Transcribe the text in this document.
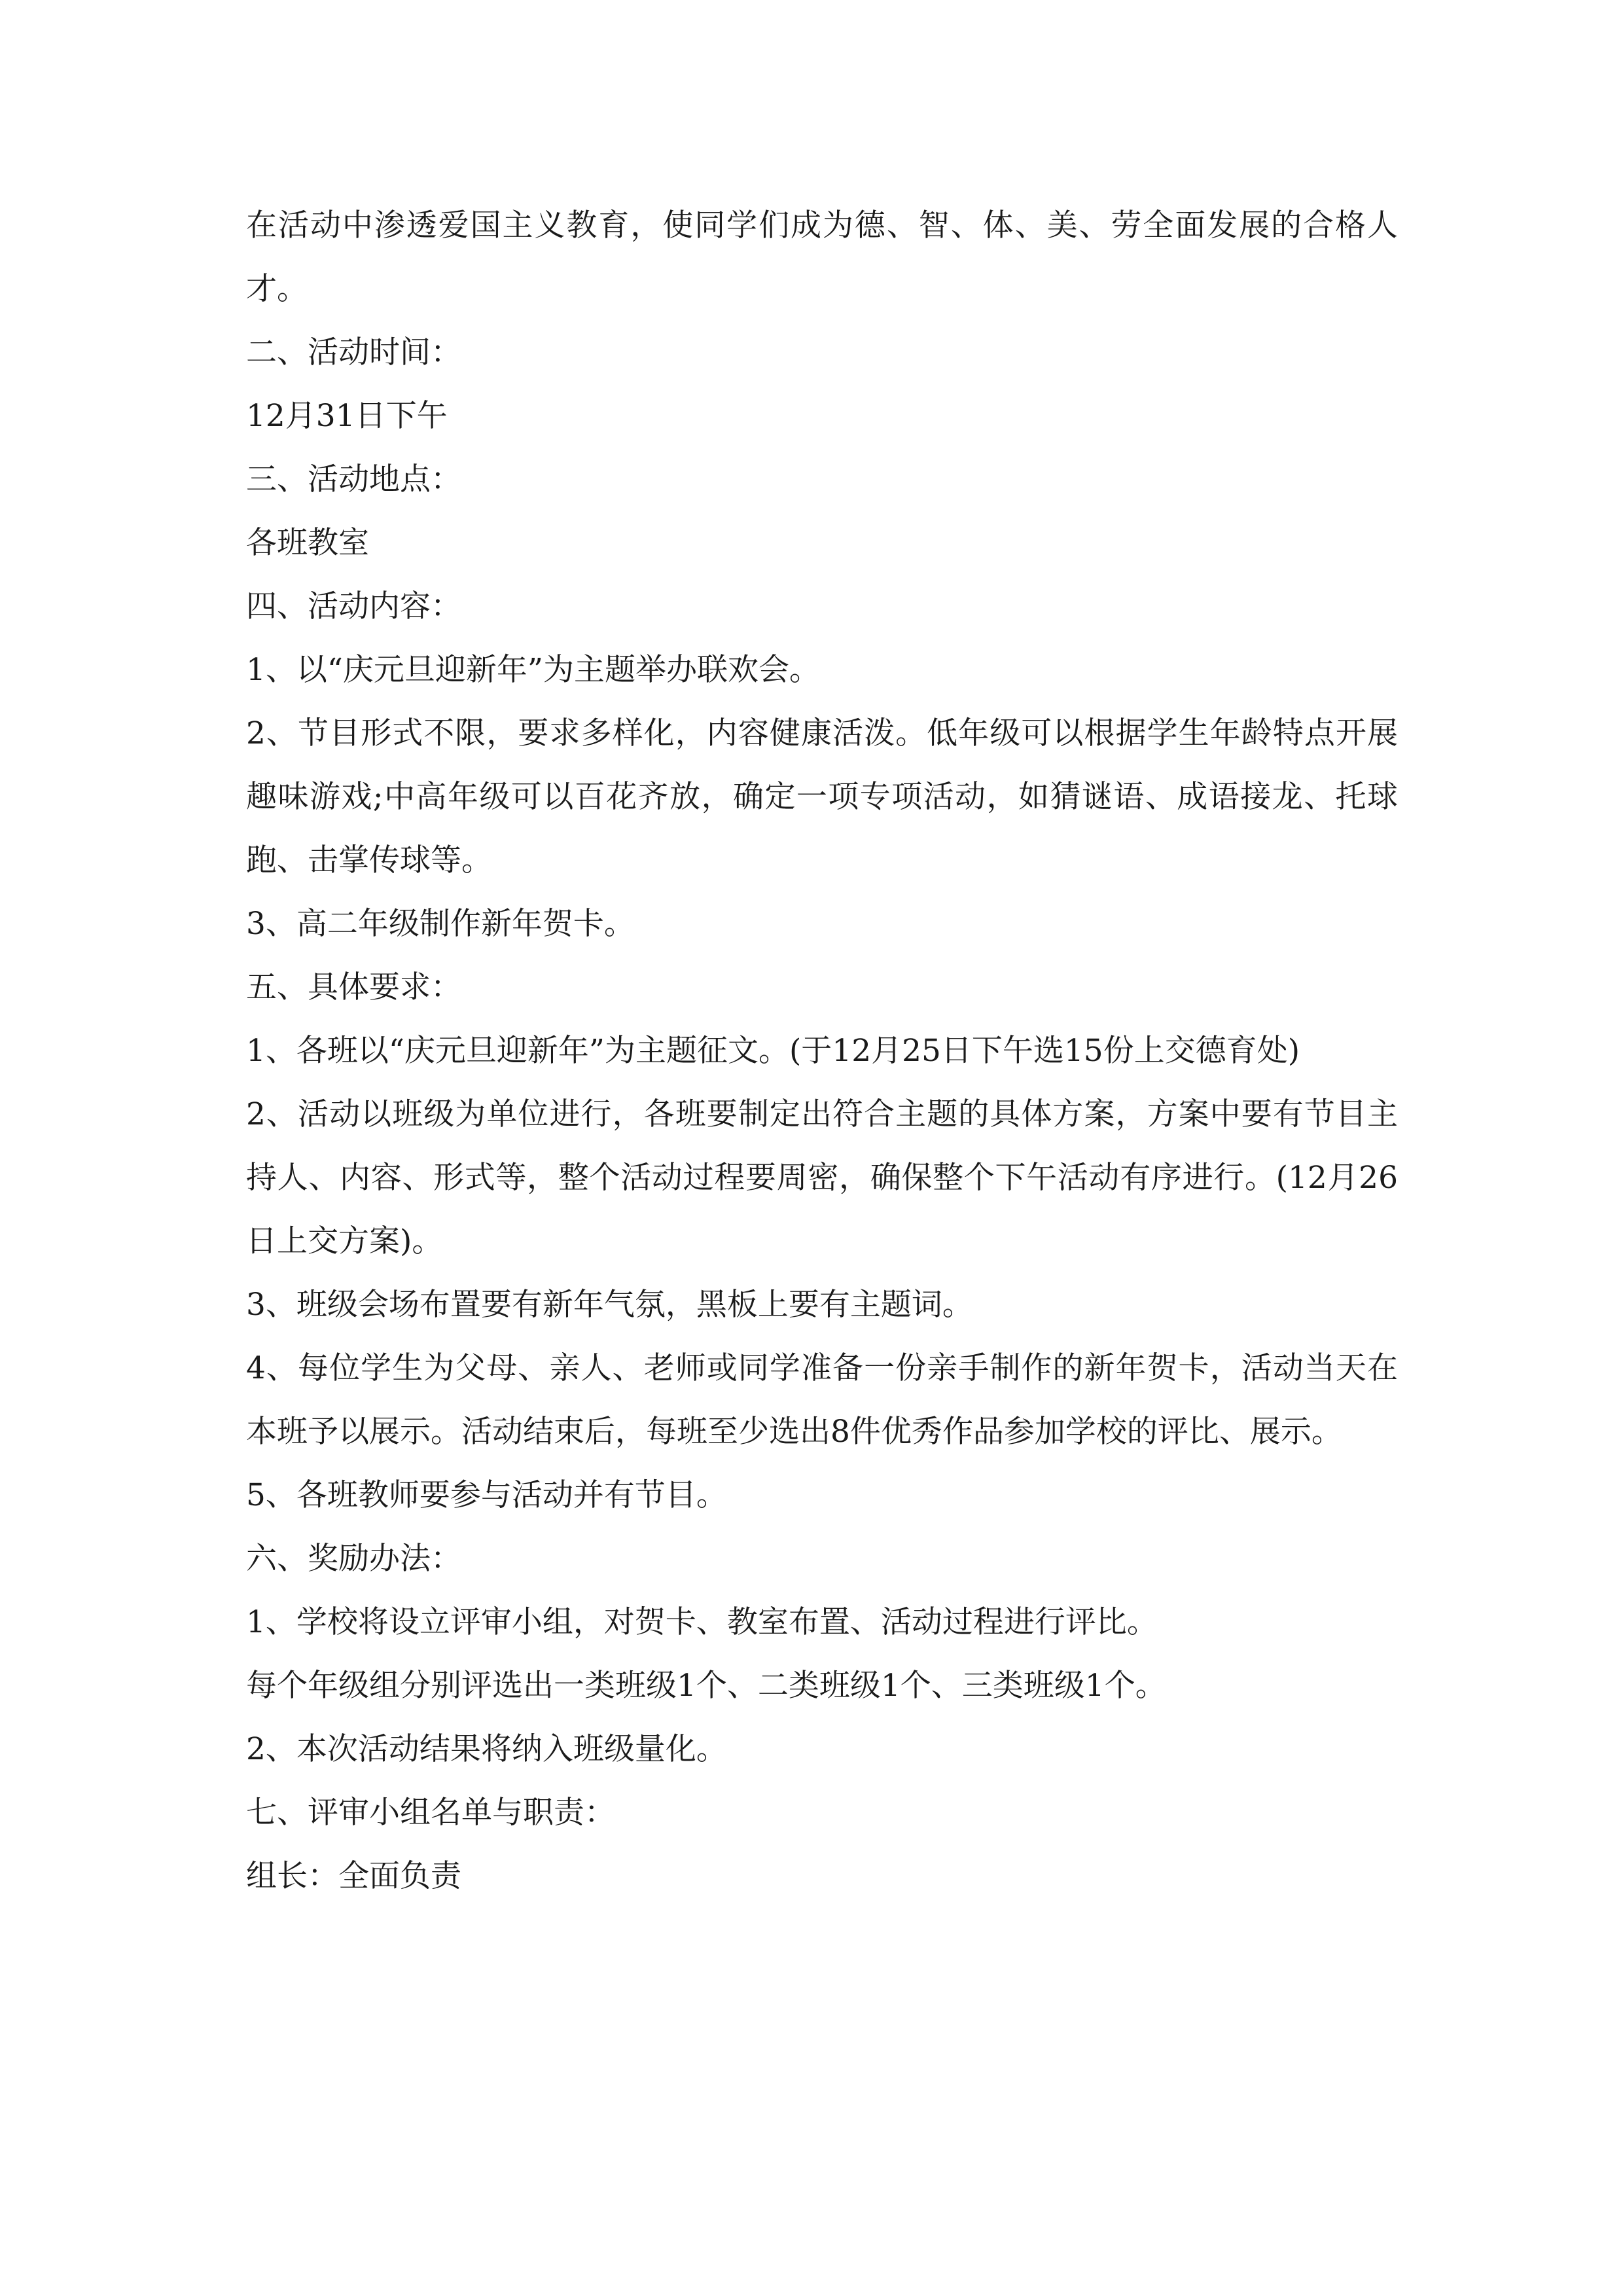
在活动中渗透爱国主义教育，使同学们成为德、智、体、美、劳全面发展的合格人才。

二、活动时间：

12月31日下午

三、活动地点：

各班教室

四、活动内容：

1、以“庆元旦迎新年”为主题举办联欢会。

2、节目形式不限，要求多样化，内容健康活泼。低年级可以根据学生年龄特点开展趣味游戏;中高年级可以百花齐放，确定一项专项活动，如猜谜语、成语接龙、托球跑、击掌传球等。

3、高二年级制作新年贺卡。

五、具体要求：

1、各班以“庆元旦迎新年”为主题征文。(于12月25日下午选15份上交德育处)

2、活动以班级为单位进行，各班要制定出符合主题的具体方案，方案中要有节目主持人、内容、形式等，整个活动过程要周密，确保整个下午活动有序进行。(12月26日上交方案)。

3、班级会场布置要有新年气氛，黑板上要有主题词。

4、每位学生为父母、亲人、老师或同学准备一份亲手制作的新年贺卡，活动当天在本班予以展示。活动结束后，每班至少选出8件优秀作品参加学校的评比、展示。

5、各班教师要参与活动并有节目。

六、奖励办法：

1、学校将设立评审小组，对贺卡、教室布置、活动过程进行评比。

每个年级组分别评选出一类班级1个、二类班级1个、三类班级1个。

2、本次活动结果将纳入班级量化。

七、评审小组名单与职责：

组长：全面负责
